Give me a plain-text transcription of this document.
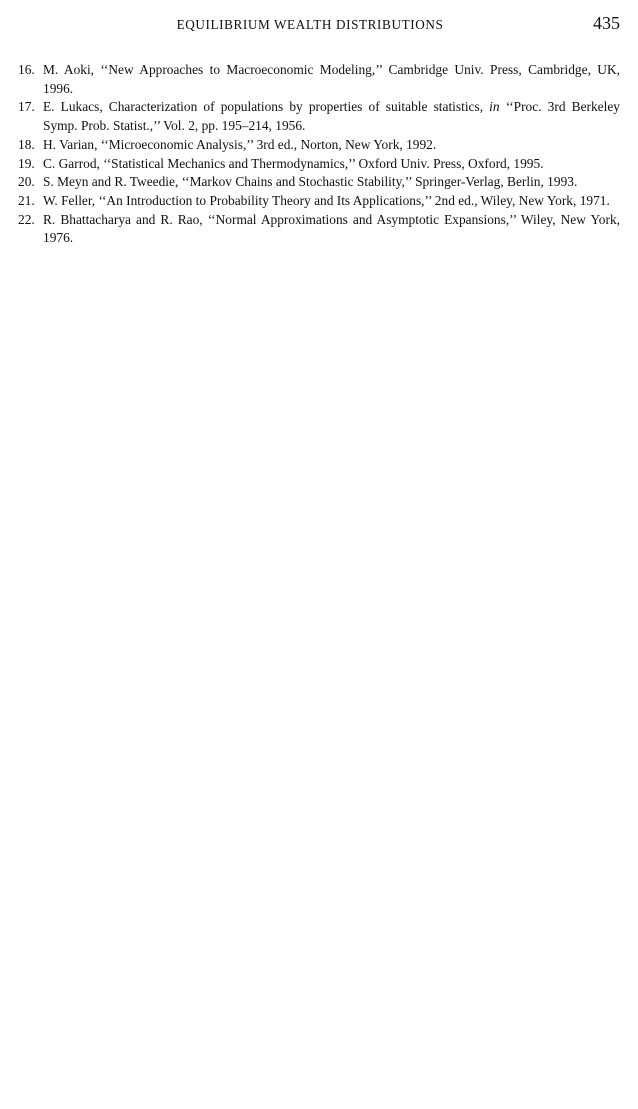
EQUILIBRIUM WEALTH DISTRIBUTIONS	435
16. M. Aoki, ‘‘New Approaches to Macroeconomic Modeling,’’ Cambridge Univ. Press, Cambridge, UK, 1996.
17. E. Lukacs, Characterization of populations by properties of suitable statistics, in ‘‘Proc. 3rd Berkeley Symp. Prob. Statist.,’’ Vol. 2, pp. 195–214, 1956.
18. H. Varian, ‘‘Microeconomic Analysis,’’ 3rd ed., Norton, New York, 1992.
19. C. Garrod, ‘‘Statistical Mechanics and Thermodynamics,’’ Oxford Univ. Press, Oxford, 1995.
20. S. Meyn and R. Tweedie, ‘‘Markov Chains and Stochastic Stability,’’ Springer-Verlag, Berlin, 1993.
21. W. Feller, ‘‘An Introduction to Probability Theory and Its Applications,’’ 2nd ed., Wiley, New York, 1971.
22. R. Bhattacharya and R. Rao, ‘‘Normal Approximations and Asymptotic Expansions,’’ Wiley, New York, 1976.
